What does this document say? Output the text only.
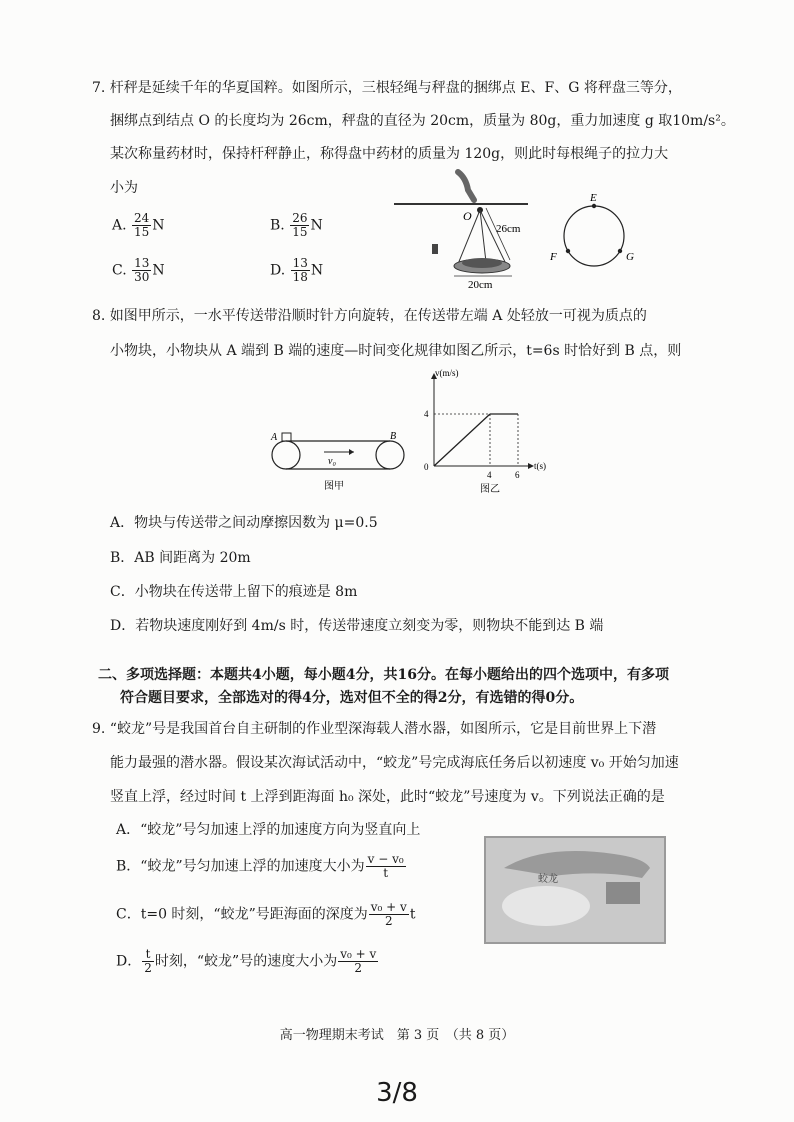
7. 杆秤是延续千年的华夏国粹。如图所示，三根轻绳与秤盘的捆绑点 E、F、G 将秤盘三等分，
捆绑点到结点 O 的长度均为 26cm，秤盘的直径为 20cm，质量为 80g，重力加速度 g 取10m/s²。
某次称量药材时，保持杆秤静止，称得盘中药材的质量为 120g，则此时每根绳子的拉力大
小为
A. $\frac{24}{15}$ N	B. $\frac{26}{15}$ N
C. $\frac{13}{30}$ N	D. $\frac{13}{18}$ N
O
26cm
20cm
E
F	G
8. 如图甲所示，一水平传送带沿顺时针方向旋转，在传送带左端 A 处轻放一可视为质点的
小物块，小物块从 A 端到 B 端的速度—时间变化规律如图乙所示，t=6s 时恰好到 B 点，则
A	B
v₀
图甲
v(m/s)
t(s)
0
4	6
4
图乙
A．物块与传送带之间动摩擦因数为 μ=0.5
B．AB 间距离为 20m
C．小物块在传送带上留下的痕迹是 8m
D．若物块速度刚好到 4m/s 时，传送带速度立刻变为零，则物块不能到达 B 端
二、多项选择题：本题共4小题，每小题4分，共16分。在每小题给出的四个选项中，有多项
符合题目要求，全部选对的得4分，选对但不全的得2分，有选错的得0分。
9. “蛟龙”号是我国首台自主研制的作业型深海载人潜水器，如图所示，它是目前世界上下潜
能力最强的潜水器。假设某次海试活动中，“蛟龙”号完成海底任务后以初速度 v₀ 开始匀加速
竖直上浮，经过时间 t 上浮到距海面 h₀ 深处，此时“蛟龙”号速度为 v。下列说法正确的是
A．“蛟龙”号匀加速上浮的加速度方向为竖直向上
B．“蛟龙”号匀加速上浮的加速度大小为 $\frac{\text{v − v₀}}{t}$
C．t=0 时刻，“蛟龙”号距海面的深度为 $\frac{\text{v₀ + v}}{2}$ t
D． $\frac{t}{2}$ 时刻，“蛟龙”号的速度大小为 $\frac{\text{v₀ + v}}{2}$
蛟龙
高一物理期末考试　第 3 页　（共 8 页）
3/8
